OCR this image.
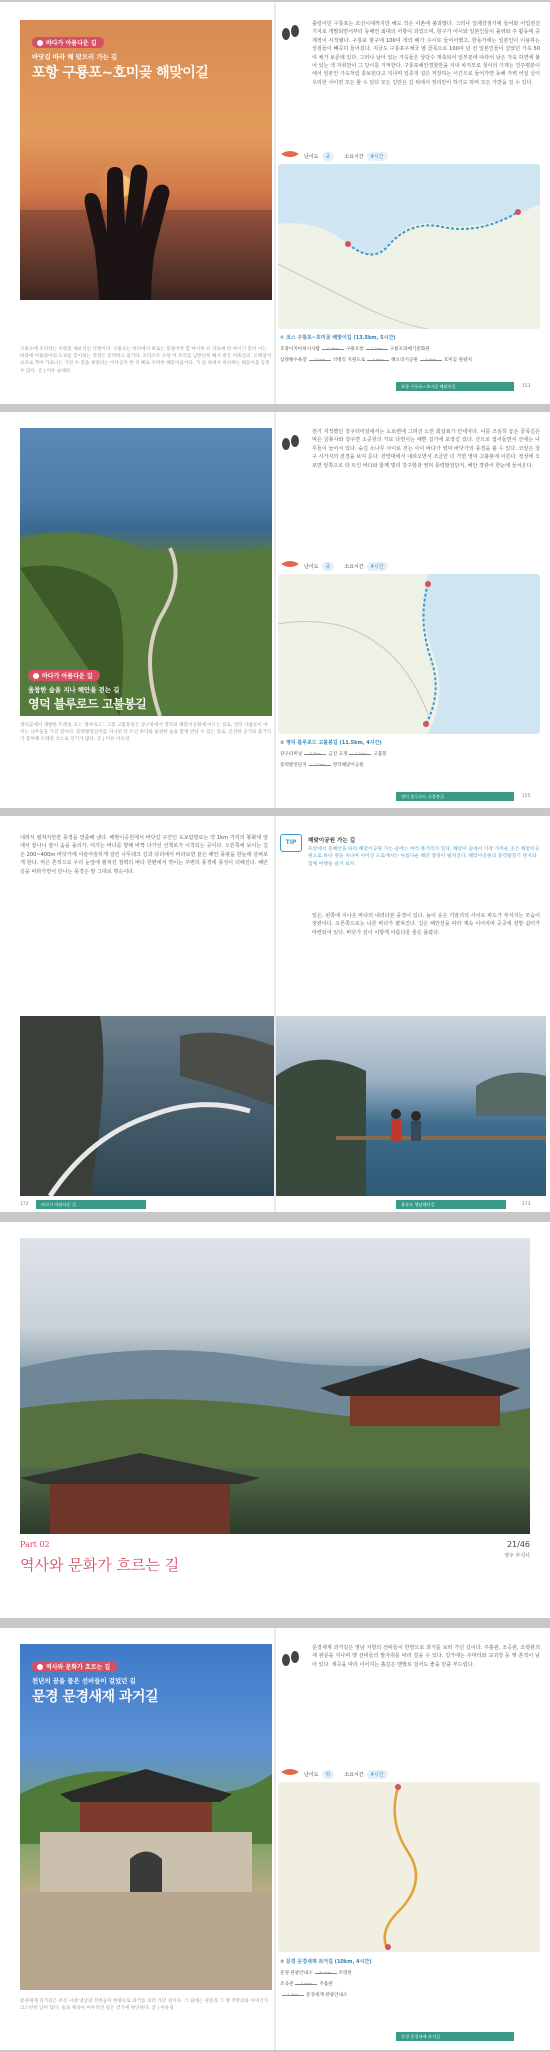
바다가 아름다운 길
바닷길 따라 해 맞으러 가는 길
포항 구룡포~호미곶 해맞이길
구룡포에 조치리는 포항의 새보석인 덕벌이다. 구룡포는 바다에서 바로는 풍광이란 할 마시한 유 자료에 한 마시기 맞이 어는 바라에 어룡과이의 도보를 끌어보는 것정은 걷벽하고 즐거다. 포라르트 포항 이 조리를 남반단히 해서 받은 미혹산의. 오페일이 보유로 찍어 가로나는 가진 수 있을 첫걸비는 어다공지 한 더 빠로 우미한 해맞이옵이다. 가 길 위에서 바다하는 해돋이을 동칠 수 있다. 글 | 어유 순례바
출렁이던 구룡포는 조선시대까지만 해도 작은 어촌에 불과했다. 그러나 일제강점기에 들어와 어업전진기지로 개발되면서부터 동해안 최대의 어항이 되었으며, 항구가 어시와 일본인들이 몰려와 주 활동에 중계적이 시작됐다. 구룡포 항구에 100여 개의 배가 수시로 들어서했고, 한동가에는 일본인이 이용하는 상점들이 빼곡히 들어섰다. 지금도 구룡포우체국 옆 골목으로 100여 년 전 일본인들이 살았던 가옥 50여 채가 보존돼 있다. 그러나 남아 있는 가옥들은 상당수 개축되어 일부분에 따라서 남은 가옥 하면에 불어 있는 색 자취만이 그 당시를 기억한다. 구룡포해안경찰만을 지내 차지모로 첫이의 기재는 진주평분이에서 일본인 가옥처럼 흥보된다고 지나며 일종적 설은 저장하는 시간으로 들어가면 동해 가벽 어일 실이 우리한 사이면 모든 할 수 있다 모든 길만은 길 위에서 정리만이 하기도 하며 모든 가면을 걸 수 있다.
난이도	중	소요시간	4시간
① 코스 구룡포~호미곶 해맞이길 (13.5km, 5시간)
호랑이지아허시사람	0.5km	구룡포항	1.2km	구룡포과메기문화관
삼정해수욕장	2.5km	석병리 지원도로	4.8km	해오라기공원	3.8km	호미곶 관광지
포항 구룡포~호미곶 해맞이길	153
바다가 아름다운 길
울창한 숲을 지나 해안을 걷는 길
영덕 블루로드 고불봉길
영덕군에서 개발한 트레일 코스 '블루로드'. 그중 고불봉길은 강구항에서 영덕의 해맞이공원에 이르는 길로, 영덕 사람들이 아끼는 나무들을 가진 길이다. 풍력발전단지를 지나면 탁 트인 바다와 울창한 숲을 함께 만날 수 있는 길로, 신선한 공기와 볼거리가 풍부해 트레킹 코스로 인기가 많다. 글 | 이유 이유성
전기 지적했던 강구터미널에서는 도로변에 그려진 노란 화살표가 안내자다. 이를 조심히 놓은 골목길은 먹은 금봉사와 강구면 소공원의 가로 다면서는 예쁜 길가에 포장길 있다. 산으로 접어들면서 산에는 나무들이 늘어서 있다. 숲길 소나무 사이로 걷는 사이 바다가 영덕 바닷가의 풍경을 볼 수 있다. 코앞은 강구 시가지의 전경을 보여 준다. 전망대에서 내려오면서 조금만 더 가면 영덕 고불봉에 이른다. 정상에 오르면 앞쪽으로 탁 트인 바다와 함께 멀리 강구항과 영덕 풍력발전단지, 해안 경관이 한눈에 들어온다.
난이도	중	소요시간	4시간
② 영덕 블루로드 고불봉길 (11.5km, 4시간)
강구터미널	3.3km	금진 고개	2.2km	고불봉
풍력발전단지	2.5km	영덕해맞이공원
영덕 블루로드 고불봉길	155
내려서 펼쳐지만한 풍경을 연출해 낸다. 해맞이공원에서 바닷길 구간인 도보탐방로는 약 1km 거리의 봉화대 앞에서 끝나니 잠시 숨을 돌리자. 여기는 바다를 향해 바짝 다가선 산책로가 시작되는 곳이다. 오른쪽에 보이는 길은 200~400m 바닷가에 아슬아슬하게 걸린 나무데크 길과 다리에서 바라보면 끝은 해안 풍광을 한눈에 살펴보게 한다. 먹은 흔적으로 우리 눈앞에 펼쳐진 절벽의 바다 한편에서 깎이는 주변의 풍경에 풍성이 더해진다. 해안길을 따라가면서 만나는 풍경은 말 그대로 명승이다.
바다가 아름다운 길
172
TIP	해맞이공원 가는 길
포항에서 동해안을 따라 해맞이공원 가는 길에는 여러 볼거리가 있다. 해맞이 길에서 가장 가까운 곳은 해맞이공원으로 바다 옆을 지나며 이어진 도로에서는 아름다운 해안 절경이 펼쳐진다. 해맞이공원의 풍력발전기 단지와 함께 여행을 즐겨 보자.
일은, 왼쪽에 지나온 바다의 내려다본 풍경이 있다. 높이 솟은 기암괴석 사이로 파도가 부서지는 모습이 장관이다. 오른쪽으로는 너른 바다가 펼쳐진다. 길은 해안선을 따라 계속 이어지며 곳곳에 전망 쉼터가 마련되어 있다. 바닷가 길이 이렇게 아름다울 줄은 몰랐다.
울릉도 행남해안길	173
Part 02
역사와 문화가 흐르는 길
21/46
영주 부석사
역사와 문화가 흐르는 길
천년의 꿈을 품은 선비들이 걸었던 길
문경 문경새재 과거길
문경새재 과거길은 조선 시대 영남의 선비들이 한양으로 과거를 보러 가던 길이다. 그 길에는 관문과 그 옛 주막터와 이야기가 고스란히 남아 있다. 숲과 계곡이 어우러진 길은 걷기에 편안하다. 글 | 이유성
문경새재 과거길은 영남 지방의 선비들이 한양으로 과거를 보러 가던 길이다. 주흘관, 조곡관, 조령관의 세 관문을 지나며 옛 선비들의 발자취를 따라 걸을 수 있다. 길가에는 주막터와 교귀정 등 옛 흔적이 남아 있다. 계곡을 따라 이어지는 흙길은 맨발로 걸어도 좋을 만큼 부드럽다.
난이도	하	소요시간	4시간
③ 문경 문경새재 과거길 (10km, 4시간)
문경 관광안내소	6.5km	조령관
조곡관	3.0km	주흘관
1.2km	문경새재 관광안내소
문경 문경새재 과거길
